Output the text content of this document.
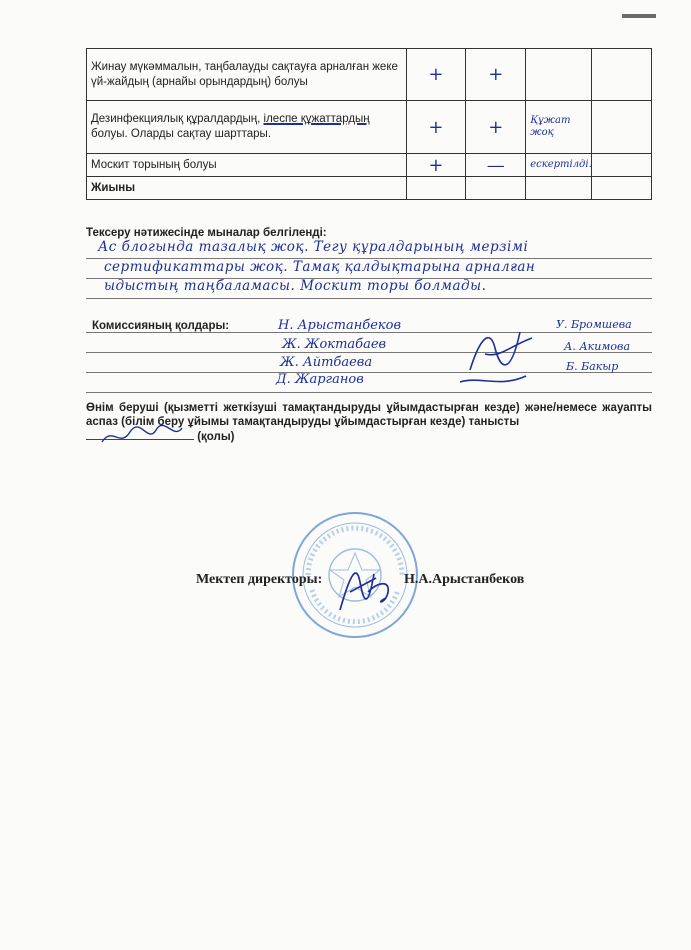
Жинау мүкәммалын, таңбалауды сақтауға арналған жеке үй-жайдың (арнайы орындардың) болуы	+	+		
Дезинфекциялық құралдардың, ілеспе құжаттардың болуы. Оларды сақтау шарттары.	+	+	Құжат жоқ	
Москит торының болуы	+	—	ескертілді.	
Жиыны				
Тексеру нәтижесінде мыналар белгіленді:
Ас блогында тазалық жоқ. Тегу құралдарының мерзімі
сертификаттары жоқ. Тамақ қалдықтарына арналған
ыдыстың таңбаламасы. Москит торы болмады.
Комиссияның қолдары:	Н. Арыстанбеков
Ж. Жоктабаев
Ж. Айтбаева
Д. Жарганов
У. Бромшева
А. Акимова
Б. Бакыр
Өнім беруші (қызметті жеткізуші тамақтандыруды ұйымдастырған кезде) және/немесе жауапты аспаз (білім беру ұйымы тамақтандыруды ұйымдастырған кезде) танысты
(қолы)
Мектеп директоры:	Н.А.Арыстанбеков
